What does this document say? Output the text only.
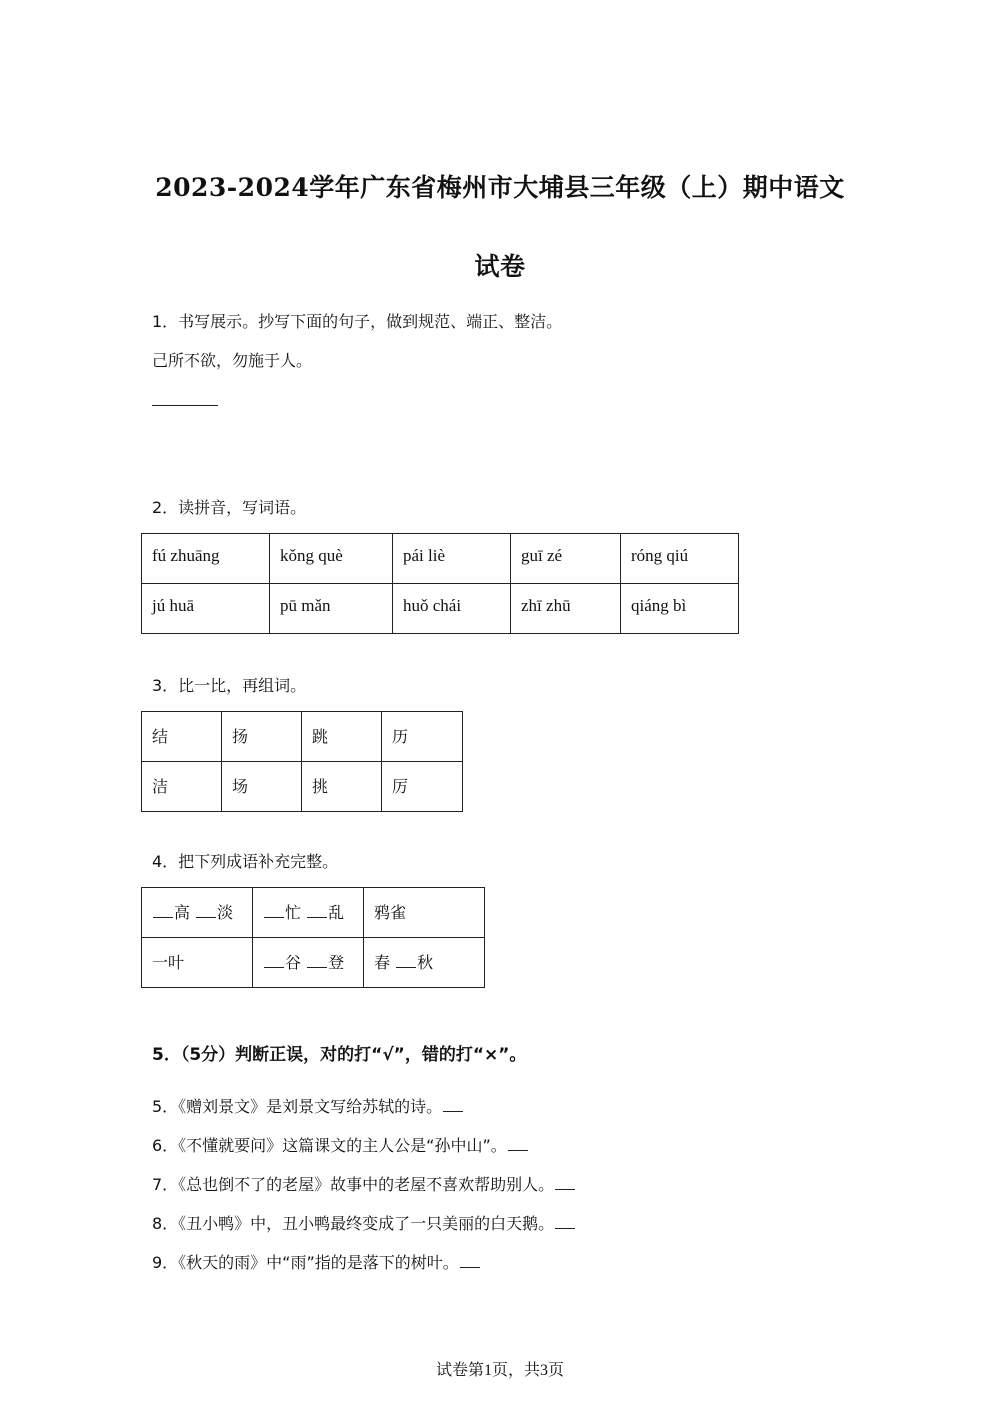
2023-2024学年广东省梅州市大埔县三年级（上）期中语文
试卷
1．书写展示。抄写下面的句子，做到规范、端正、整洁。
己所不欲，勿施于人。
2．读拼音，写词语。
fú zhuāng	kǒng què	pái liè	guī zé	róng qiú
jú huā	pū mǎn	huǒ chái	zhī zhū	qiáng bì
3．比一比，再组词。
结	扬	跳	历
洁	场	挑	厉
4．把下列成语补充完整。
高 淡	忙 乱	鸦雀
一叶	谷 登	春 秋
5．（5分）判断正误，对的打“√”，错的打“×”。
5．《赠刘景文》是刘景文写给苏轼的诗。
6．《不懂就要问》这篇课文的主人公是“孙中山”。
7．《总也倒不了的老屋》故事中的老屋不喜欢帮助别人。
8．《丑小鸭》中，丑小鸭最终变成了一只美丽的白天鹅。
9．《秋天的雨》中“雨”指的是落下的树叶。
试卷第1页，共3页
